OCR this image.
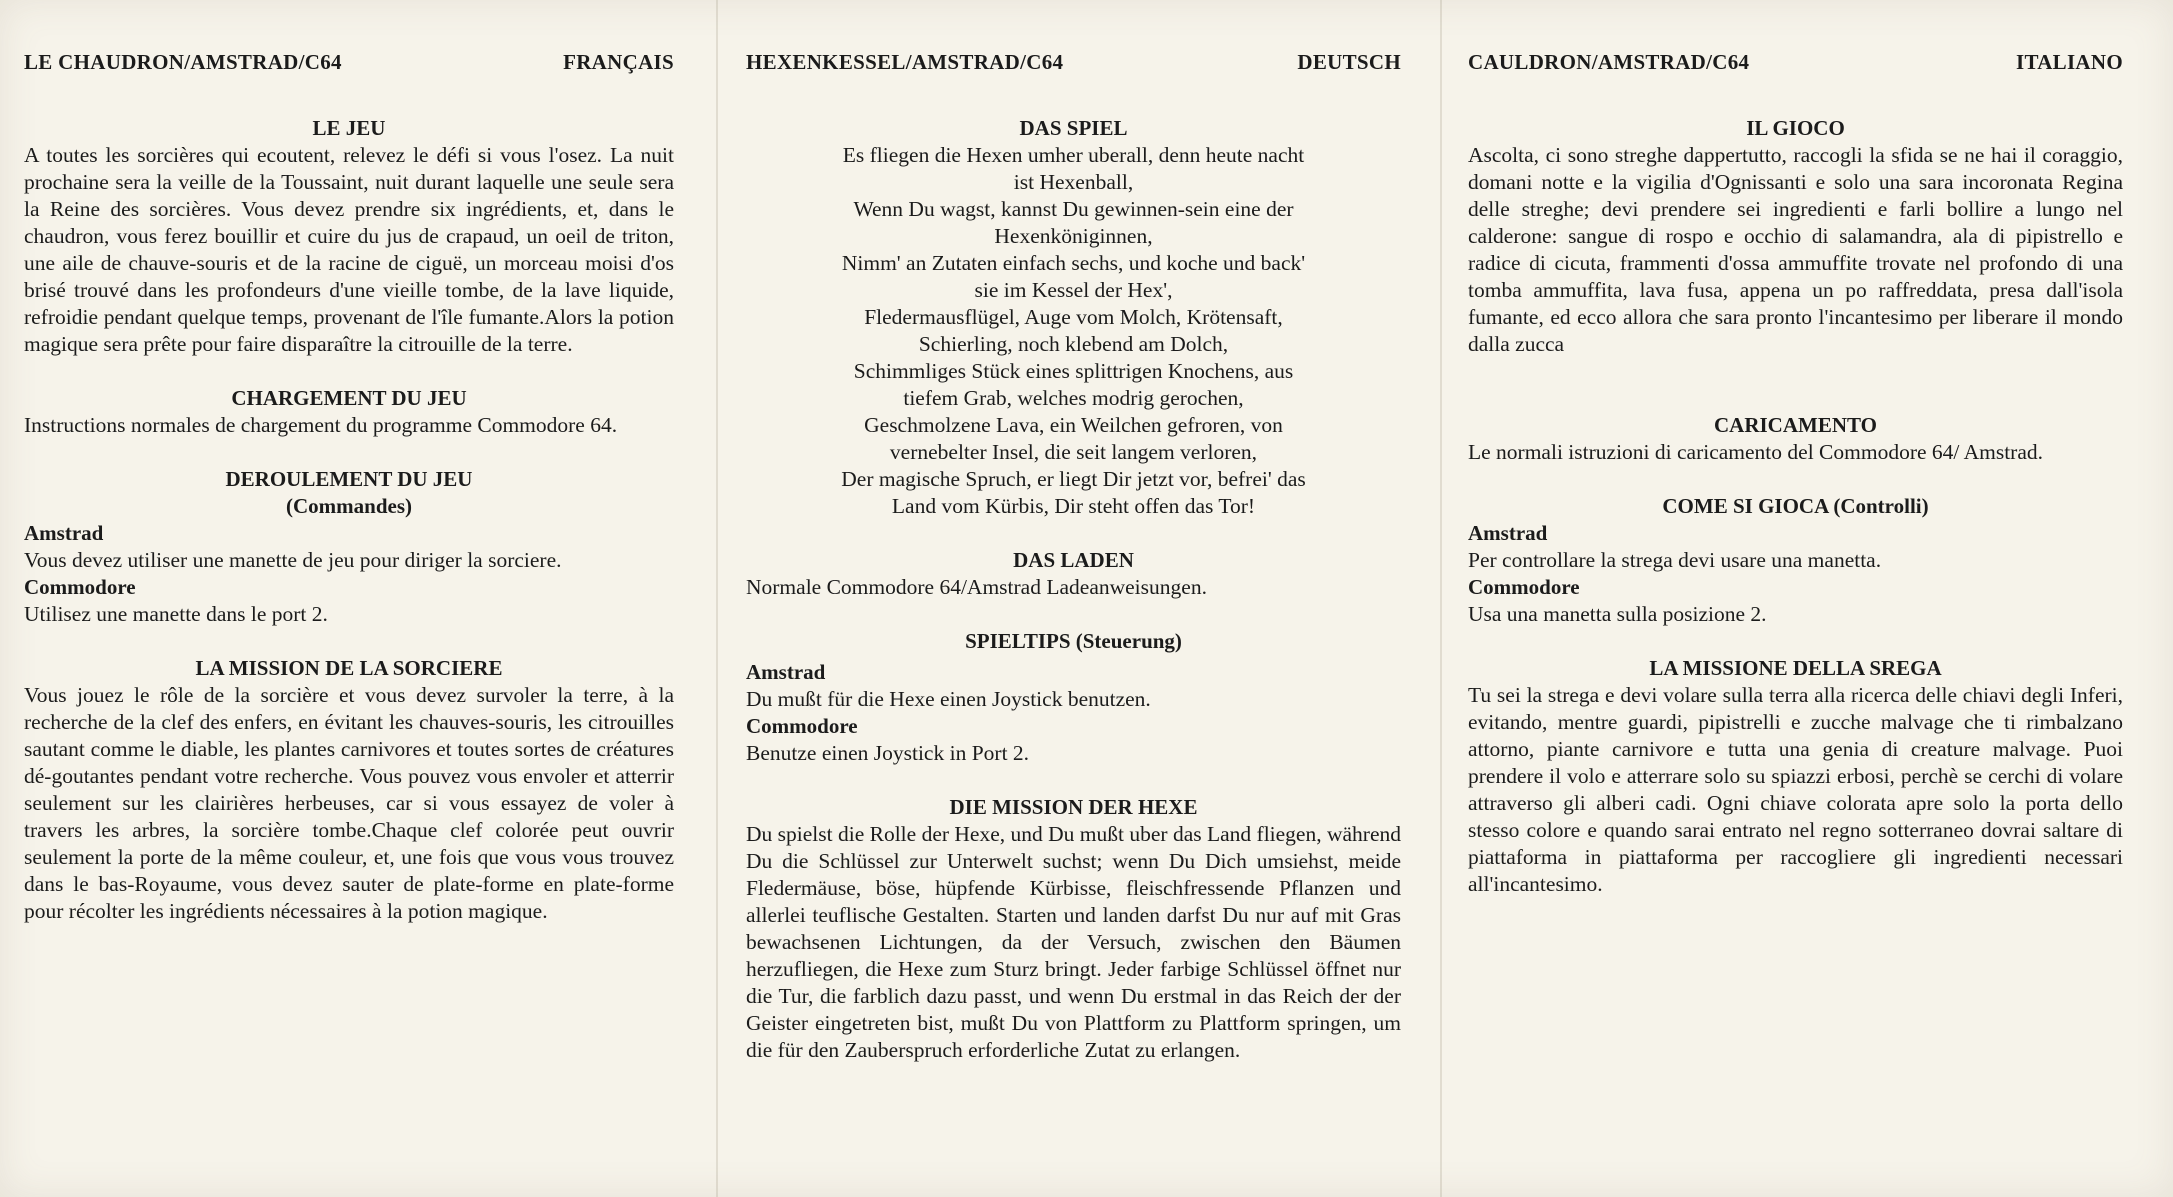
LE CHAUDRON/AMSTRAD/C64	FRANÇAIS
LE JEU

A toutes les sorcières qui ecoutent, relevez le défi si vous l'osez. La nuit prochaine sera la veille de la Toussaint, nuit durant laquelle une seule sera la Reine des sorcières. Vous devez prendre six ingrédients, et, dans le chaudron, vous ferez bouillir et cuire du jus de crapaud, un oeil de triton, une aile de chauve-souris et de la racine de ciguë, un morceau moisi d'os brisé trouvé dans les profondeurs d'une vieille tombe, de la lave liquide, refroidie pendant quelque temps, provenant de l'île fumante.Alors la potion magique sera prête pour faire disparaître la citrouille de la terre.

CHARGEMENT DU JEU

Instructions normales de chargement du programme Commodore 64.

DEROULEMENT DU JEU
(Commandes)
Amstrad

Vous devez utiliser une manette de jeu pour diriger la sorciere.

Commodore

Utilisez une manette dans le port 2.

LA MISSION DE LA SORCIERE

Vous jouez le rôle de la sorcière et vous devez survoler la terre, à la recherche de la clef des enfers, en évitant les chauves-souris, les citrouilles sautant comme le diable, les plantes carnivores et toutes sortes de créatures dé-goutantes pendant votre recherche. Vous pouvez vous envoler et atterrir seulement sur les clairières herbeuses, car si vous essayez de voler à travers les arbres, la sorcière tombe.Chaque clef colorée peut ouvrir seulement la porte de la même couleur, et, une fois que vous vous trouvez dans le bas-Royaume, vous devez sauter de plate-forme en plate-forme pour récolter les ingrédients nécessaires à la potion magique.

HEXENKESSEL/AMSTRAD/C64	DEUTSCH
DAS SPIEL

Es fliegen die Hexen umher uberall, denn heute nacht

ist Hexenball,

Wenn Du wagst, kannst Du gewinnen-sein eine der

Hexenköniginnen,

Nimm' an Zutaten einfach sechs, und koche und back'

sie im Kessel der Hex',

Fledermausflügel, Auge vom Molch, Krötensaft,

Schierling, noch klebend am Dolch,

Schimmliges Stück eines splittrigen Knochens, aus

tiefem Grab, welches modrig gerochen,

Geschmolzene Lava, ein Weilchen gefroren, von

vernebelter Insel, die seit langem verloren,

Der magische Spruch, er liegt Dir jetzt vor, befrei' das

Land vom Kürbis, Dir steht offen das Tor!

DAS LADEN

Normale Commodore 64/Amstrad Ladeanweisungen.

SPIELTIPS (Steuerung)
Amstrad

Du mußt für die Hexe einen Joystick benutzen.

Commodore

Benutze einen Joystick in Port 2.

DIE MISSION DER HEXE

Du spielst die Rolle der Hexe, und Du mußt uber das Land fliegen, während Du die Schlüssel zur Unterwelt suchst; wenn Du Dich umsiehst, meide Fledermäuse, böse, hüpfende Kürbisse, fleischfressende Pflanzen und allerlei teuflische Gestalten. Starten und landen darfst Du nur auf mit Gras bewachsenen Lichtungen, da der Versuch, zwischen den Bäumen herzufliegen, die Hexe zum Sturz bringt. Jeder farbige Schlüssel öffnet nur die Tur, die farblich dazu passt, und wenn Du erstmal in das Reich der der Geister eingetreten bist, mußt Du von Plattform zu Plattform springen, um die für den Zauberspruch erforderliche Zutat zu erlangen.

CAULDRON/AMSTRAD/C64	ITALIANO
IL GIOCO

Ascolta, ci sono streghe dappertutto, raccogli la sfida se ne hai il coraggio, domani notte e la vigilia d'Ognissanti e solo una sara incoronata Regina delle streghe; devi prendere sei ingredienti e farli bollire a lungo nel calderone: sangue di rospo e occhio di salamandra, ala di pipistrello e radice di cicuta, frammenti d'ossa ammuffite trovate nel profondo di una tomba ammuffita, lava fusa, appena un po raffreddata, presa dall'isola fumante, ed ecco allora che sara pronto l'incantesimo per liberare il mondo dalla zucca

CARICAMENTO

Le normali istruzioni di caricamento del Commodore 64/ Amstrad.

COME SI GIOCA (Controlli)
Amstrad

Per controllare la strega devi usare una manetta.

Commodore

Usa una manetta sulla posizione 2.

LA MISSIONE DELLA SREGA

Tu sei la strega e devi volare sulla terra alla ricerca delle chiavi degli Inferi, evitando, mentre guardi, pipistrelli e zucche malvage che ti rimbalzano attorno, piante carnivore e tutta una genia di creature malvage. Puoi prendere il volo e atterrare solo su spiazzi erbosi, perchè se cerchi di volare attraverso gli alberi cadi. Ogni chiave colorata apre solo la porta dello stesso colore e quando sarai entrato nel regno sotterraneo dovrai saltare di piattaforma in piattaforma per raccogliere gli ingredienti necessari all'incantesimo.
